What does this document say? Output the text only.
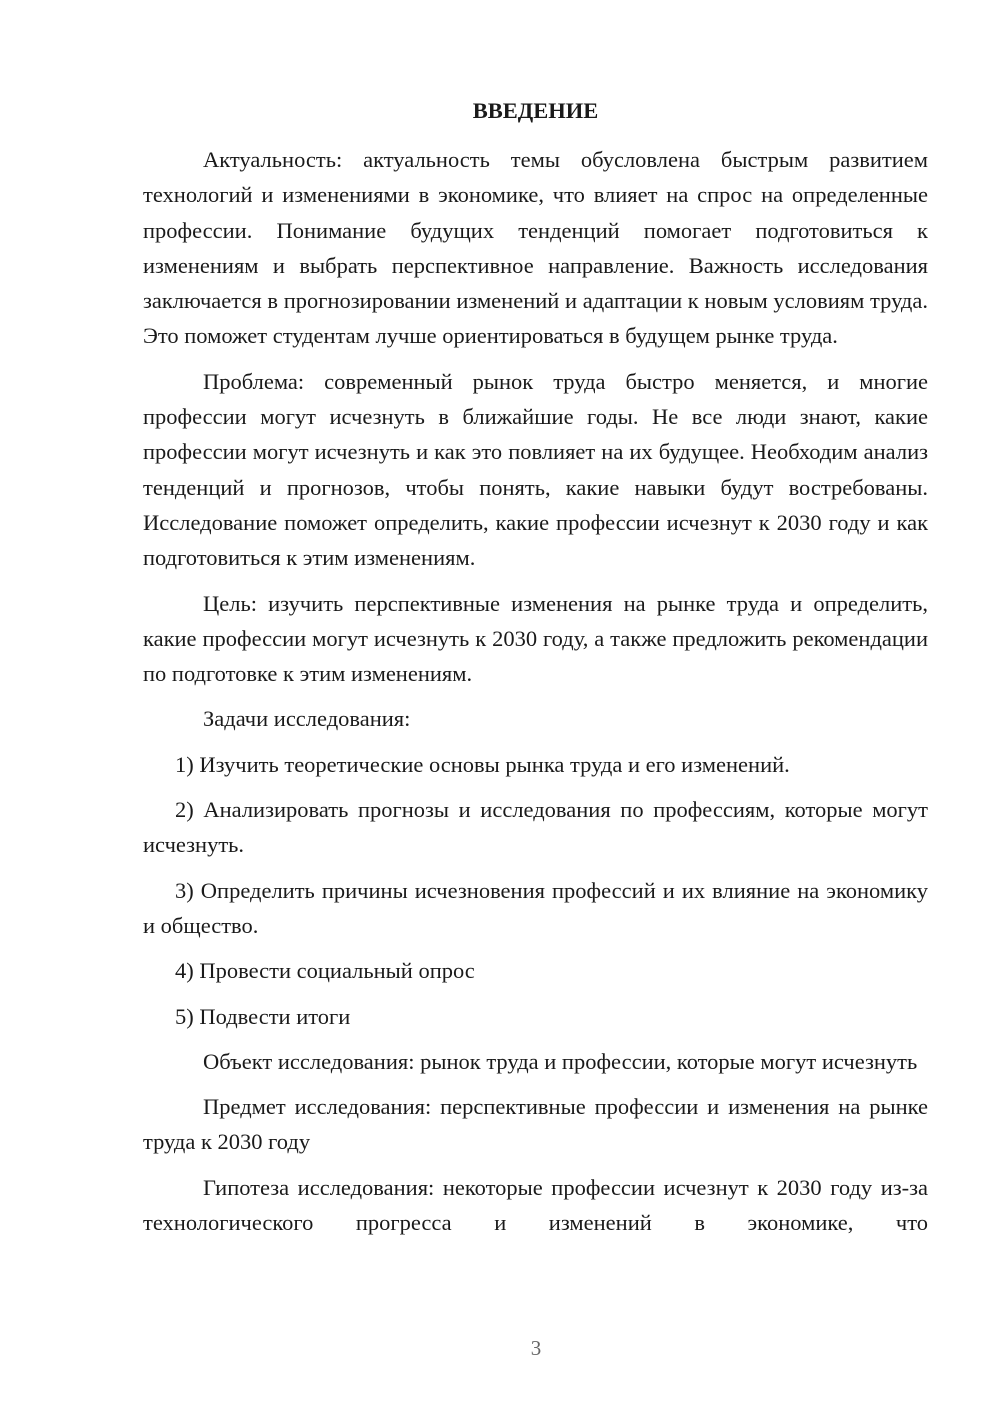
ВВЕДЕНИЕ

Актуальность: актуальность темы обусловлена быстрым развитием технологий и изменениями в экономике, что влияет на спрос на определенные профессии. Понимание будущих тенденций помогает подготовиться к изменениям и выбрать перспективное направление. Важность исследования заключается в прогнозировании изменений и адаптации к новым условиям труда. Это поможет студентам лучше ориентироваться в будущем рынке труда.

Проблема: современный рынок труда быстро меняется, и многие профессии могут исчезнуть в ближайшие годы. Не все люди знают, какие профессии могут исчезнуть и как это повлияет на их будущее. Необходим анализ тенденций и прогнозов, чтобы понять, какие навыки будут востребованы. Исследование поможет определить, какие профессии исчезнут к 2030 году и как подготовиться к этим изменениям.

Цель: изучить перспективные изменения на рынке труда и определить, какие профессии могут исчезнуть к 2030 году, а также предложить рекомендации по подготовке к этим изменениям.

Задачи исследования:

1) Изучить теоретические основы рынка труда и его изменений.

2) Анализировать прогнозы и исследования по профессиям, которые могут исчезнуть.

3) Определить причины исчезновения профессий и их влияние на экономику и общество.

4) Провести социальный опрос

5) Подвести итоги

Объект исследования: рынок труда и профессии, которые могут исчезнуть

Предмет исследования: перспективные профессии и изменения на рынке труда к 2030 году

Гипотеза исследования: некоторые профессии исчезнут к 2030 году из-за технологического прогресса и изменений в экономике, что

3
